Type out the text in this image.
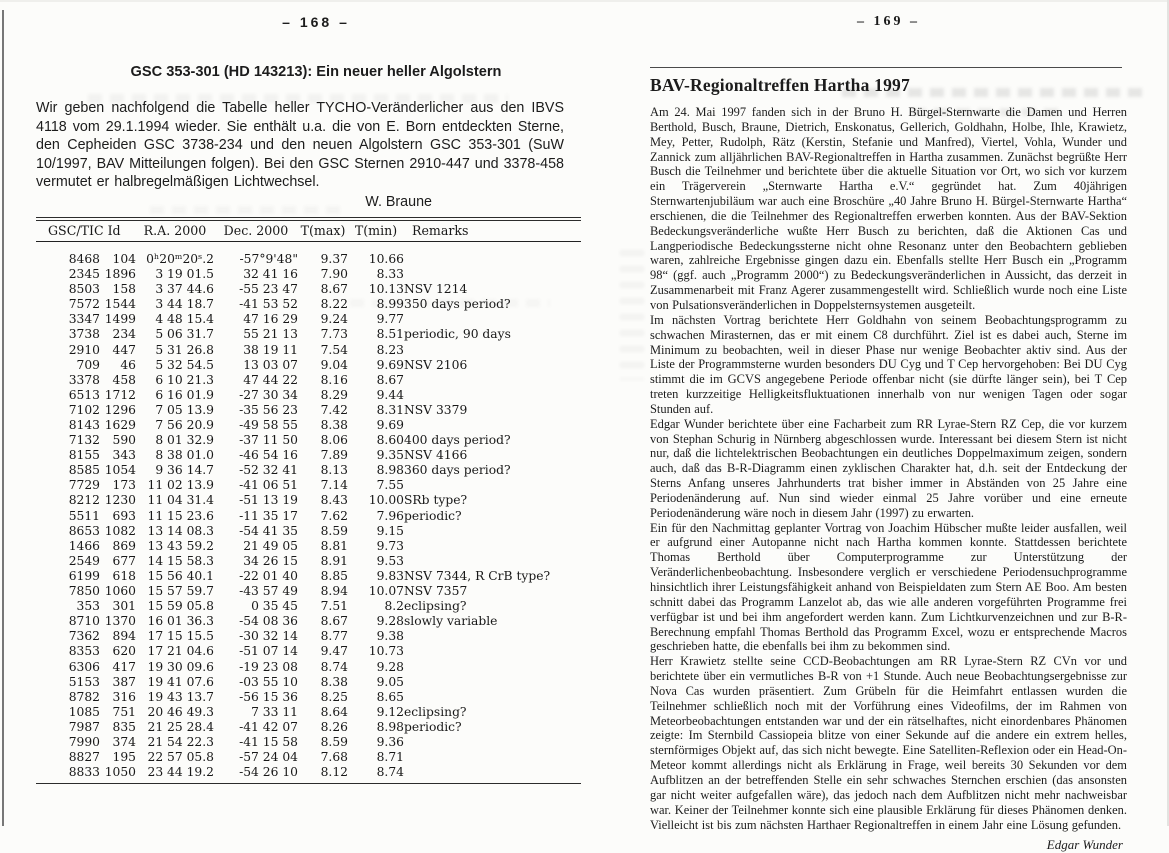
– 168 –
GSC 353-301 (HD 143213): Ein neuer heller Algolstern
Wir geben nachfolgend die Tabelle heller TYCHO-Veränderlicher aus den IBVS 4118 vom 29.1.1994 wieder. Sie enthält u.a. die von E. Born entdeckten Sterne, den Cepheiden GSC 3738-234 und den neuen Algolstern GSC 353-301 (SuW 10/1997, BAV Mitteilungen folgen). Bei den GSC Sternen 2910-447 und 3378-458 vermutet er halbregelmäßigen Lichtwechsel.
W. Braune
GSC/TIC Id		R.A. 2000	Dec. 2000	T(max)	T(min)	Remarks
8468	104	0ʰ20ᵐ20ˢ.2	-57°9'48"	9.37	10.66	
2345	1896	3 19 01.5	32 41 16	7.90	8.33	
8503	158	3 37 44.6	-55 23 47	8.67	10.13	NSV 1214
7572	1544	3 44 18.7	-41 53 52	8.22	8.99	350 days period?
3347	1499	4 48 15.4	47 16 29	9.24	9.77	
3738	234	5 06 31.7	55 21 13	7.73	8.51	periodic, 90 days
2910	447	5 31 26.8	38 19 11	7.54	8.23	
709	46	5 32 54.5	13 03 07	9.04	9.69	NSV 2106
3378	458	6 10 21.3	47 44 22	8.16	8.67	
6513	1712	6 16 01.9	-27 30 34	8.29	9.44	
7102	1296	7 05 13.9	-35 56 23	7.42	8.31	NSV 3379
8143	1629	7 56 20.9	-49 58 55	8.38	9.69	
7132	590	8 01 32.9	-37 11 50	8.06	8.60	400 days period?
8155	343	8 38 01.0	-46 54 16	7.89	9.35	NSV 4166
8585	1054	9 36 14.7	-52 32 41	8.13	8.98	360 days period?
7729	173	11 02 13.9	-41 06 51	7.14	7.55	
8212	1230	11 04 31.4	-51 13 19	8.43	10.00	SRb type?
5511	693	11 15 23.6	-11 35 17	7.62	7.96	periodic?
8653	1082	13 14 08.3	-54 41 35	8.59	9.15	
1466	869	13 43 59.2	21 49 05	8.81	9.73	
2549	677	14 15 58.3	34 26 15	8.91	9.53	
6199	618	15 56 40.1	-22 01 40	8.85	9.83	NSV 7344, R CrB type?
7850	1060	15 57 59.7	-43 57 49	8.94	10.07	NSV 7357
353	301	15 59 05.8	0 35 45	7.51	8.2	eclipsing?
8710	1370	16 01 36.3	-54 08 36	8.67	9.28	slowly variable
7362	894	17 15 15.5	-30 32 14	8.77	9.38	
8353	620	17 21 04.6	-51 07 14	9.47	10.73	
6306	417	19 30 09.6	-19 23 08	8.74	9.28	
5153	387	19 41 07.6	-03 55 10	8.38	9.05	
8782	316	19 43 13.7	-56 15 36	8.25	8.65	
1085	751	20 46 49.3	7 33 11	8.64	9.12	eclipsing?
7987	835	21 25 28.4	-41 42 07	8.26	8.98	periodic?
7990	374	21 54 22.3	-41 15 58	8.59	9.36	
8827	195	22 57 05.8	-57 24 04	7.68	8.71	
8833	1050	23 44 19.2	-54 26 10	8.12	8.74	
– 169 –
BAV-Regionaltreffen Hartha 1997

Am 24. Mai 1997 fanden sich in der Bruno H. Bürgel-Sternwarte die Damen und Herren Berthold, Busch, Braune, Dietrich, Enskonatus, Gellerich, Goldhahn, Holbe, Ihle, Krawietz, Mey, Petter, Rudolph, Rätz (Kerstin, Stefanie und Manfred), Viertel, Vohla, Wunder und Zannick zum alljährlichen BAV-Regionaltreffen in Hartha zusammen. Zunächst begrüßte Herr Busch die Teilnehmer und berichtete über die aktuelle Situation vor Ort, wo sich vor kurzem ein Trägerverein „Sternwarte Hartha e.V.“ gegründet hat. Zum 40jährigen Sternwartenjubiläum war auch eine Broschüre „40 Jahre Bruno H. Bürgel-Sternwarte Hartha“ erschienen, die die Teilnehmer des Regionaltreffen erwerben konnten. Aus der BAV-Sektion Bedeckungsveränderliche wußte Herr Busch zu berichten, daß die Aktionen Cas und Langperiodische Bedeckungssterne nicht ohne Resonanz unter den Beobachtern geblieben waren, zahlreiche Ergebnisse gingen dazu ein. Ebenfalls stellte Herr Busch ein „Programm 98“ (ggf. auch „Programm 2000“) zu Bedeckungsveränderlichen in Aussicht, das derzeit in Zusammenarbeit mit Franz Agerer zusammengestellt wird. Schließlich wurde noch eine Liste von Pulsationsveränderlichen in Doppelsternsystemen ausgeteilt.

Im nächsten Vortrag berichtete Herr Goldhahn von seinem Beobachtungsprogramm zu schwachen Mirasternen, das er mit einem C8 durchführt. Ziel ist es dabei auch, Sterne im Minimum zu beobachten, weil in dieser Phase nur wenige Beobachter aktiv sind. Aus der Liste der Programmsterne wurden besonders DU Cyg und T Cep hervorgehoben: Bei DU Cyg stimmt die im GCVS angegebene Periode offenbar nicht (sie dürfte länger sein), bei T Cep treten kurzzeitige Helligkeitsfluktuationen innerhalb von nur wenigen Tagen oder sogar Stunden auf.

Edgar Wunder berichtete über eine Facharbeit zum RR Lyrae-Stern RZ Cep, die vor kurzem von Stephan Schurig in Nürnberg abgeschlossen wurde. Interessant bei diesem Stern ist nicht nur, daß die lichtelektrischen Beobachtungen ein deutliches Doppelmaximum zeigen, sondern auch, daß das B-R-Diagramm einen zyklischen Charakter hat, d.h. seit der Entdeckung der Sterns Anfang unseres Jahrhunderts trat bisher immer in Abständen von 25 Jahre eine Periodenänderung auf. Nun sind wieder einmal 25 Jahre vorüber und eine erneute Periodenänderung wäre noch in diesem Jahr (1997) zu erwarten.

Ein für den Nachmittag geplanter Vortrag von Joachim Hübscher mußte leider ausfallen, weil er aufgrund einer Autopanne nicht nach Hartha kommen konnte. Stattdessen berichtete Thomas Berthold über Computerprogramme zur Unterstützung der Veränderlichenbeobachtung. Insbesondere verglich er verschiedene Periodensuchprogramme hinsichtlich ihrer Leistungsfähigkeit anhand von Beispieldaten zum Stern AE Boo. Am besten schnitt dabei das Programm Lanzelot ab, das wie alle anderen vorgeführten Programme frei verfügbar ist und bei ihm angefordert werden kann. Zum Lichtkurvenzeichnen und zur B-R-Berechnung empfahl Thomas Berthold das Programm Excel, wozu er entsprechende Macros geschrieben hatte, die ebenfalls bei ihm zu bekommen sind.

Herr Krawietz stellte seine CCD-Beobachtungen am RR Lyrae-Stern RZ CVn vor und berichtete über ein vermutliches B-R von +1 Stunde. Auch neue Beobachtungsergebnisse zur Nova Cas wurden präsentiert. Zum Grübeln für die Heimfahrt entlassen wurden die Teilnehmer schließlich noch mit der Vorführung eines Videofilms, der im Rahmen von Meteorbeobachtungen entstanden war und der ein rätselhaftes, nicht einordenbares Phänomen zeigte: Im Sternbild Cassiopeia blitze von einer Sekunde auf die andere ein extrem helles, sternförmiges Objekt auf, das sich nicht bewegte. Eine Satelliten-Reflexion oder ein Head-On-Meteor kommt allerdings nicht als Erklärung in Frage, weil bereits 30 Sekunden vor dem Aufblitzen an der betreffenden Stelle ein sehr schwaches Sternchen erschien (das ansonsten gar nicht weiter aufgefallen wäre), das jedoch nach dem Aufblitzen nicht mehr nachweisbar war. Keiner der Teilnehmer konnte sich eine plausible Erklärung für dieses Phänomen denken. Vielleicht ist bis zum nächsten Harthaer Regionaltreffen in einem Jahr eine Lösung gefunden.

Edgar Wunder
